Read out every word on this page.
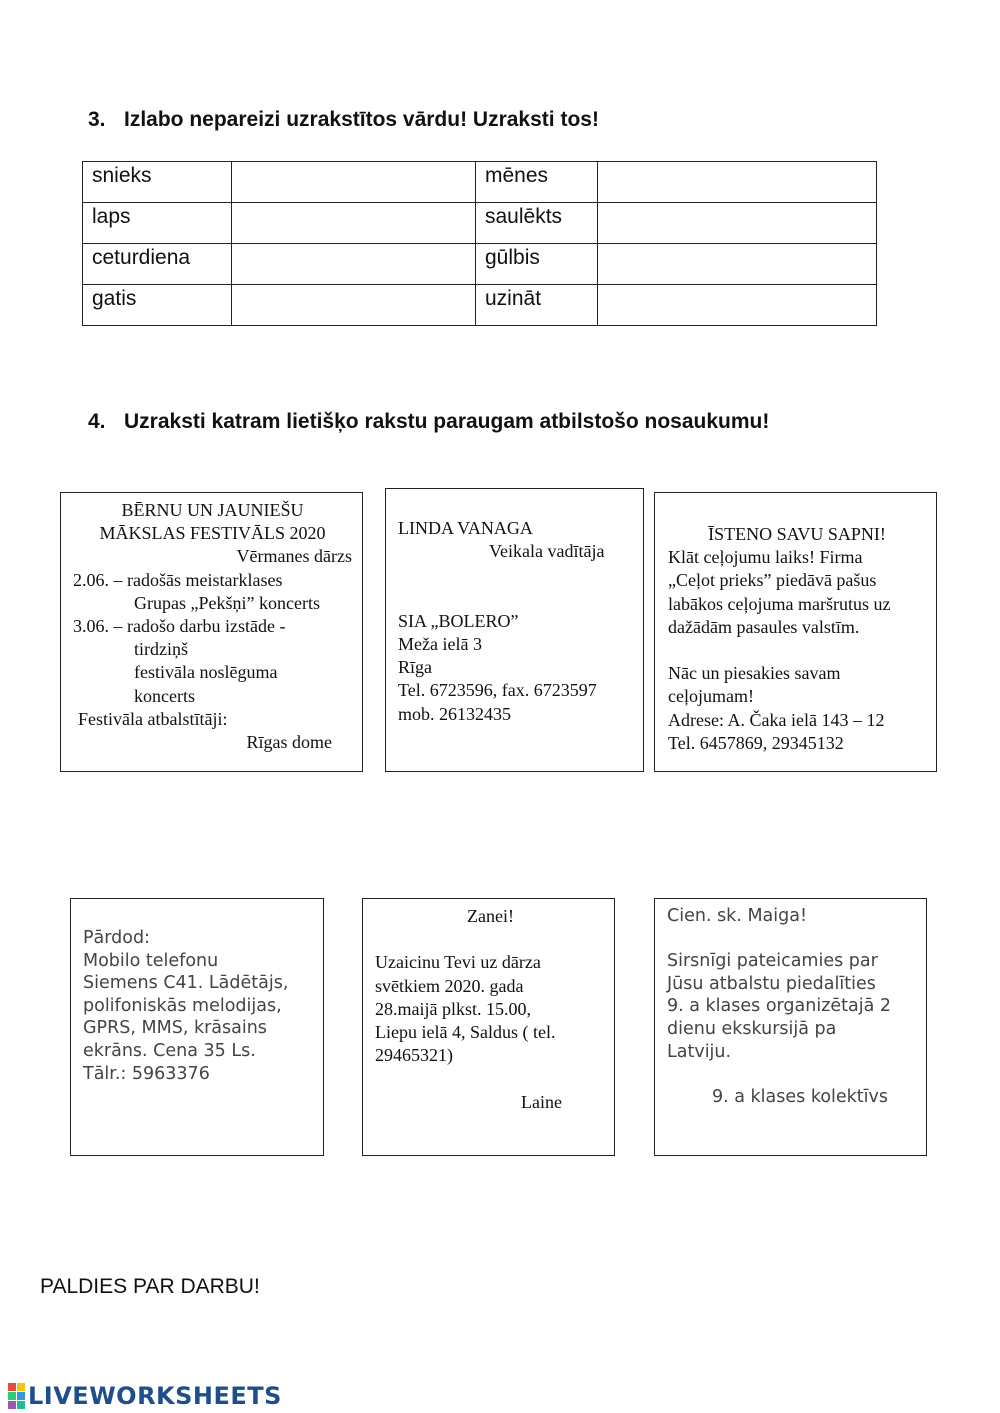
3. Izlabo nepareizi uzrakstītos vārdu! Uzraksti tos!
snieks		mēnes	
laps		saulēkts	
ceturdiena		gūlbis	
gatis		uzināt	
4. Uzraksti katram lietišķo rakstu paraugam atbilstošo nosaukumu!
BĒRNU UN JAUNIEŠU
MĀKSLAS FESTIVĀLS 2020
Vērmanes dārzs
2.06. – radošās meistarklases
Grupas „Pekšņi” koncerts
3.06. – radošo darbu izstāde -
tirdziņš
festivāla noslēguma
koncerts
Festivāla atbalstītāji:
Rīgas dome
LINDA VANAGA
Veikala vadītāja

SIA „BOLERO”
Meža ielā 3
Rīga
Tel. 6723596, fax. 6723597
mob. 26132435
ĪSTENO SAVU SAPNI!
Klāt ceļojumu laiks! Firma
„Ceļot prieks” piedāvā pašus
labākos ceļojuma maršrutus uz
dažādām pasaules valstīm.

Nāc un piesakies savam
ceļojumam!
Adrese: A. Čaka ielā 143 – 12
Tel. 6457869, 29345132
Pārdod:
Mobilo telefonu
Siemens C41. Lādētājs,
polifoniskās melodijas,
GPRS, MMS, krāsains
ekrāns. Cena 35 Ls.
Tālr.: 5963376
Zanei!

Uzaicinu Tevi uz dārza
svētkiem 2020. gada
28.maijā plkst. 15.00,
Liepu ielā 4, Saldus ( tel.
29465321)

Laine
Cien. sk. Maiga!

Sirsnīgi pateicamies par
Jūsu atbalstu piedalīties
9. a klases organizētajā 2
dienu ekskursijā pa
Latviju.

9. a klases kolektīvs
PALDIES PAR DARBU!
LIVEWORKSHEETS
